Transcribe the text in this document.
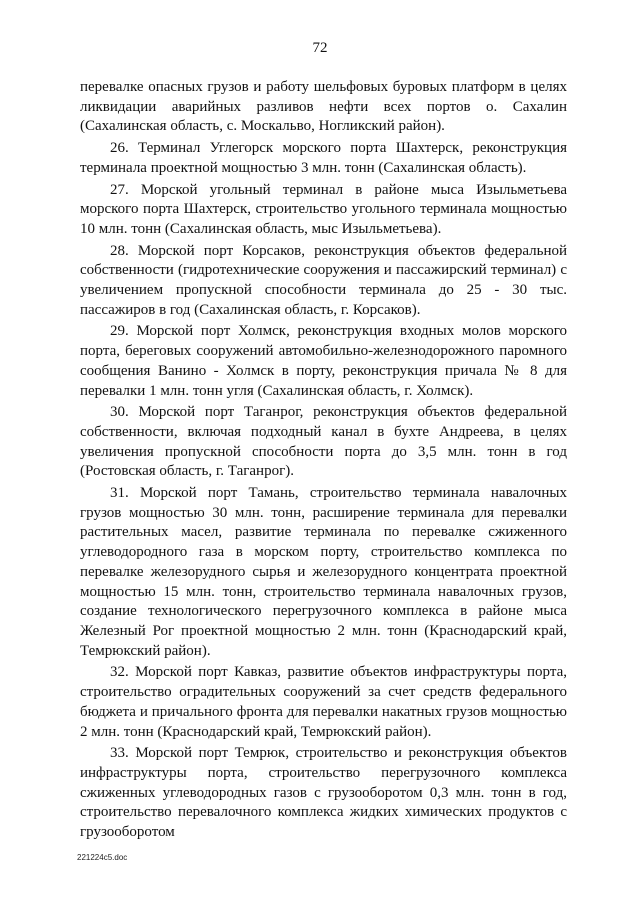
72

перевалке опасных грузов и работу шельфовых буровых платформ в целях ликвидации аварийных разливов нефти всех портов о. Сахалин (Сахалинская область, с. Москальво, Ногликский район).

26. Терминал Углегорск морского порта Шахтерск, реконструкция терминала проектной мощностью 3 млн. тонн (Сахалинская область).

27. Морской угольный терминал в районе мыса Изыльметьева морского порта Шахтерск, строительство угольного терминала мощностью 10 млн. тонн (Сахалинская область, мыс Изыльметьева).

28. Морской порт Корсаков, реконструкция объектов федеральной собственности (гидротехнические сооружения и пассажирский терминал) с увеличением пропускной способности терминала до 25 - 30 тыс. пассажиров в год (Сахалинская область, г. Корсаков).

29. Морской порт Холмск, реконструкция входных молов морского порта, береговых сооружений автомобильно-железнодорожного паромного сообщения Ванино - Холмск в порту, реконструкция причала № 8 для перевалки 1 млн. тонн угля (Сахалинская область, г. Холмск).

30. Морской порт Таганрог, реконструкция объектов федеральной собственности, включая подходный канал в бухте Андреева, в целях увеличения пропускной способности порта до 3,5 млн. тонн в год (Ростовская область, г. Таганрог).

31. Морской порт Тамань, строительство терминала навалочных грузов мощностью 30 млн. тонн, расширение терминала для перевалки растительных масел, развитие терминала по перевалке сжиженного углеводородного газа в морском порту, строительство комплекса по перевалке железорудного сырья и железорудного концентрата проектной мощностью 15 млн. тонн, строительство терминала навалочных грузов, создание технологического перегрузочного комплекса в районе мыса Железный Рог проектной мощностью 2 млн. тонн (Краснодарский край, Темрюкский район).

32. Морской порт Кавказ, развитие объектов инфраструктуры порта, строительство оградительных сооружений за счет средств федерального бюджета и причального фронта для перевалки накатных грузов мощностью 2 млн. тонн (Краснодарский край, Темрюкский район).

33. Морской порт Темрюк, строительство и реконструкция объектов инфраструктуры порта, строительство перегрузочного комплекса сжиженных углеводородных газов с грузооборотом 0,3 млн. тонн в год, строительство перевалочного комплекса жидких химических продуктов с грузооборотом

221224c5.doc
